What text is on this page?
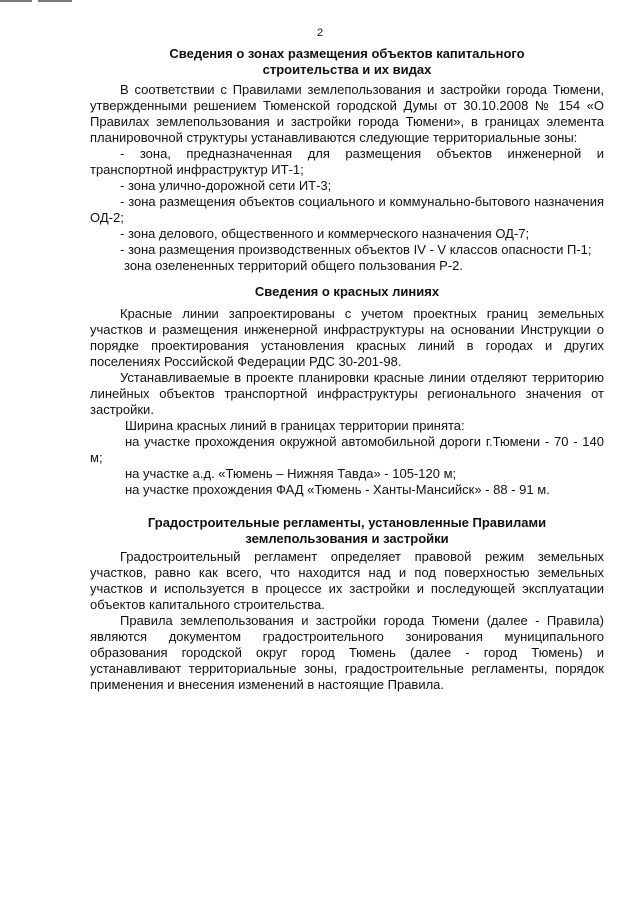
2
Сведения о зонах размещения объектов капитального
строительства и их видах

В соответствии с Правилами землепользования и застройки города Тюмени, утвержденными решением Тюменской городской Думы от 30.10.2008 № 154 «О Правилах землепользования и застройки города Тюмени», в границах элемента планировочной структуры устанавливаются следующие территориальные зоны:

- зона, предназначенная для размещения объектов инженерной и транспортной инфраструктур ИТ-1;

- зона улично-дорожной сети ИТ-3;

- зона размещения объектов социального и коммунально-бытового назначения ОД-2;

- зона делового, общественного и коммерческого назначения ОД-7;

- зона размещения производственных объектов IV - V классов опасности П-1;

зона озелененных территорий общего пользования Р-2.

Сведения о красных линиях

Красные линии запроектированы с учетом проектных границ земельных участков и размещения инженерной инфраструктуры на основании Инструкции о порядке проектирования установления красных линий в городах и других поселениях Российской Федерации РДС 30-201-98.

Устанавливаемые в проекте планировки красные линии отделяют территорию линейных объектов транспортной инфраструктуры регионального значения от застройки.

Ширина красных линий в границах территории принята:

на участке прохождения окружной автомобильной дороги г.Тюмени - 70 - 140 м;

на участке а.д. «Тюмень – Нижняя Тавда» - 105-120 м;

на участке прохождения ФАД «Тюмень - Ханты-Мансийск» - 88 - 91 м.

Градостроительные регламенты, установленные Правилами
землепользования и застройки

Градостроительный регламент определяет правовой режим земельных участков, равно как всего, что находится над и под поверхностью земельных участков и используется в процессе их застройки и последующей эксплуатации объектов капитального строительства.

Правила землепользования и застройки города Тюмени (далее - Правила) являются документом градостроительного зонирования муниципального образования городской округ город Тюмень (далее - город Тюмень) и устанавливают территориальные зоны, градостроительные регламенты, порядок применения и внесения изменений в настоящие Правила.
